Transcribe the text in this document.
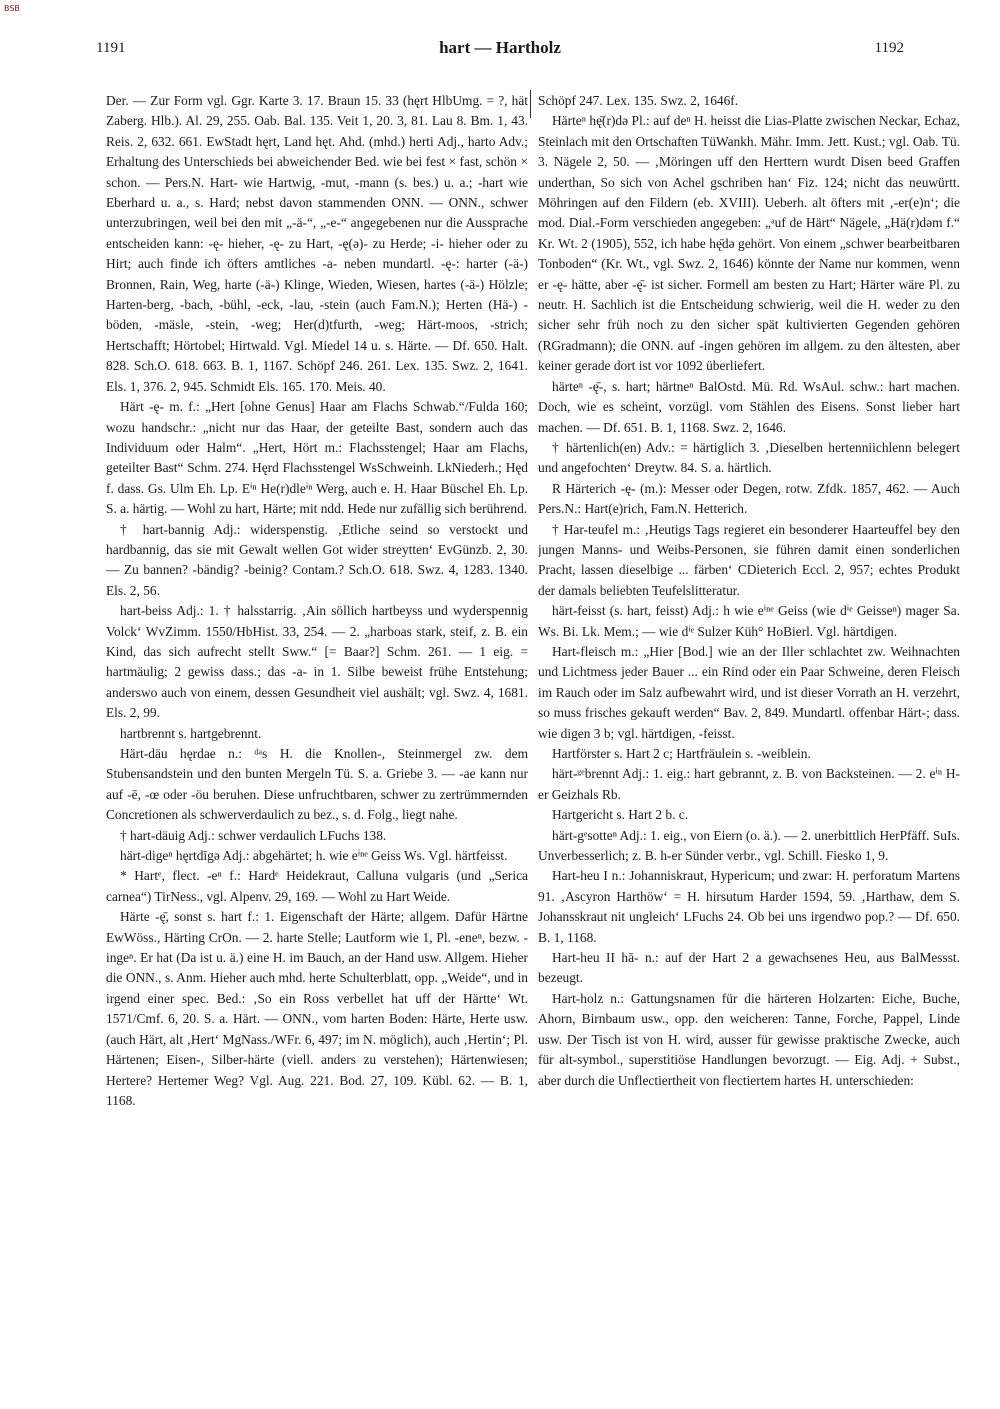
BSB
1191	hart — Hartholz	1192

Der. — Zur Form vgl. Ggr. Karte 3. 17. Braun 15. 33 (hęrt HlbUmg. = ?, hät Zaberg. Hlb.). Al. 29, 255. Oab. Bal. 135. Veit 1, 20. 3, 81. Lau 8. Bm. 1, 43. Reis. 2, 632. 661. EwStadt hęrt, Land hęt. Ahd. (mhd.) herti Adj., harto Adv.; Erhaltung des Unterschieds bei abweichender Bed. wie bei fest × fast, schön × schon. — Pers.N. Hart- wie Hartwig, -mut, -mann (s. bes.) u. a.; -hart wie Eberhard u. a., s. Hard; nebst davon stammenden ONN. — ONN., schwer unterzubringen, weil bei den mit „-ä-“, „-e-“ angegebenen nur die Aussprache entscheiden kann: -ę- hieher, -ę- zu Hart, -ę(ə)- zu Herde; -i- hieher oder zu Hirt; auch finde ich öfters amtliches -a- neben mundartl. -ę-: harter (-ä-) Bronnen, Rain, Weg, harte (-ä-) Klinge, Wieden, Wiesen, hartes (-ä-) Hölzle; Harten-berg, -bach, -bühl, -eck, -lau, -stein (auch Fam.N.); Herten (Hä-) -böden, -mäsle, -stein, -weg; Her(d)tfurth, -weg; Härt-moos, -strich; Hertschafft; Hörtobel; Hirtwald. Vgl. Miedel 14 u. s. Härte. — Df. 650. Halt. 828. Sch.O. 618. 663. B. 1, 1167. Schöpf 246. 261. Lex. 135. Swz. 2, 1641. Els. 1, 376. 2, 945. Schmidt Els. 165. 170. Meis. 40.

Härt -ę- m. f.: „Hert [ohne Genus] Haar am Flachs Schwab.“/Fulda 160; wozu handschr.: „nicht nur das Haar, der geteilte Bast, sondern auch das Individuum oder Halm“. „Hert, Hört m.: Flachsstengel; Haar am Flachs, geteilter Bast“ Schm. 274. Hęrd Flachsstengel WsSchweinh. LkNiederh.; Hęd f. dass. Gs. Ulm Eh. Lp. Eⁱⁿ He(r)dleⁱⁿ Werg, auch e. H. Haar Büschel Eh. Lp. S. a. härtig. — Wohl zu hart, Härte; mit ndd. Hede nur zufällig sich berührend.

† hart-bannig Adj.: widerspenstig. ‚Etliche seind so verstockt und hardbannig, das sie mit Gewalt wellen Got wider streytten‘ EvGünzb. 2, 30. — Zu bannen? -bändig? -beinig? Contam.? Sch.O. 618. Swz. 4, 1283. 1340. Els. 2, 56.

hart-beiss Adj.: 1. † halsstarrig. ‚Ain söllich hartbeyss und wyderspennig Volck‘ WvZimm. 1550/HbHist. 33, 254. — 2. „harboas stark, steif, z. B. ein Kind, das sich aufrecht stellt Sww.“ [= Baar?] Schm. 261. — 1 eig. = hartmäulig; 2 gewiss dass.; das -a- in 1. Silbe beweist frühe Entstehung; anderswo auch von einem, dessen Gesundheit viel aushält; vgl. Swz. 4, 1681. Els. 2, 99.

hartbrennt s. hartgebrennt.

Härt-däu hęrdae n.: ᵈᵃs H. die Knollen-, Steinmergel zw. dem Stubensandstein und den bunten Mergeln Tü. S. a. Griebe 3. — -ae kann nur auf -ē, -œ oder -öu beruhen. Diese unfruchtbaren, schwer zu zertrümmernden Concretionen als schwerverdaulich zu bez., s. d. Folg., liegt nahe.

† hart-däuig Adj.: schwer verdaulich LFuchs 138.

härt-digeⁿ hęrtdīgə Adj.: abgehärtet; h. wie eⁱⁿᵉ Geiss Ws. Vgl. härtfeisst.

* Hartᵉ, flect. -eⁿ f.: Hardᵉ Heidekraut, Calluna vulgaris (und „Serica carnea“) TirNess., vgl. Alpenv. 29, 169. — Wohl zu Hart Weide.

Härte -ę̄, sonst s. hart f.: 1. Eigenschaft der Härte; allgem. Dafür Härtne EwWöss., Härting CrOn. — 2. harte Stelle; Lautform wie 1, Pl. -eneⁿ, bezw. -ingeⁿ. Er hat (Da ist u. ä.) eine H. im Bauch, an der Hand usw. Allgem. Hieher die ONN., s. Anm. Hieher auch mhd. herte Schulterblatt, opp. „Weide“, und in irgend einer spec. Bed.: ‚So ein Ross verbellet hat uff der Härtte‘ Wt. 1571/Cmf. 6, 20. S. a. Härt. — ONN., vom harten Boden: Härte, Herte usw. (auch Härt, alt ‚Hert‘ MgNass./WFr. 6, 497; im N. möglich), auch ‚Hertin‘; Pl. Härtenen; Eisen-, Silber-härte (viell. anders zu verstehen); Härtenwiesen; Hertere? Hertemer Weg? Vgl. Aug. 221. Bod. 27, 109. Kübl. 62. — B. 1, 1168.

Schöpf 247. Lex. 135. Swz. 2, 1646f.

Härteⁿ hę̄(r)də Pl.: auf deⁿ H. heisst die Lias-Platte zwischen Neckar, Echaz, Steinlach mit den Ortschaften TüWankh. Mähr. Imm. Jett. Kust.; vgl. Oab. Tü. 3. Nägele 2, 50. — ‚Möringen uff den Herttern wurdt Disen beed Graffen underthan, So sich von Achel gschriben han‘ Fiz. 124; nicht das neuwürtt. Möhringen auf den Fildern (eb. XVIII). Ueberh. alt öfters mit ‚-er(e)n‘; die mod. Dial.-Form verschieden angegeben: „ᵃuf de Härt“ Nägele, „Hä(r)dəm f.“ Kr. Wt. 2 (1905), 552, ich habe hę̄də gehört. Von einem „schwer bearbeitbaren Tonboden“ (Kr. Wt., vgl. Swz. 2, 1646) könnte der Name nur kommen, wenn er -ę- hätte, aber -ę̄- ist sicher. Formell am besten zu Hart; Härter wäre Pl. zu neutr. H. Sachlich ist die Entscheidung schwierig, weil die H. weder zu den sicher sehr früh noch zu den sicher spät kultivierten Gegenden gehören (RGradmann); die ONN. auf -ingen gehören im allgem. zu den ältesten, aber keiner gerade dort ist vor 1092 überliefert.

härteⁿ -ę̄-, s. hart; härtneⁿ BalOstd. Mü. Rd. WsAul. schw.: hart machen. Doch, wie es scheint, vorzügl. vom Stählen des Eisens. Sonst lieber hart machen. — Df. 651. B. 1, 1168. Swz. 2, 1646.

† härtenlich(en) Adv.: = härtiglich 3. ‚Dieselben hertenniichlenn belegert und angefochten‘ Dreytw. 84. S. a. härtlich.

R Härterich -ę- (m.): Messer oder Degen, rotw. Zfdk. 1857, 462. — Auch Pers.N.: Hart(e)rich, Fam.N. Hetterich.

† Har-teufel m.: ‚Heutigs Tags regieret ein besonderer Haarteuffel bey den jungen Manns- und Weibs-Personen, sie führen damit einen sonderlichen Pracht, lassen dieselbige ... färben‘ CDieterich Eccl. 2, 957; echtes Produkt der damals beliebten Teufelslitteratur.

härt-feisst (s. hart, feisst) Adj.: h wie eⁱⁿᵉ Geiss (wie dⁱᵉ Geisseⁿ) mager Sa. Ws. Bi. Lk. Mem.; — wie dⁱᵉ Sulzer Küh° HoBierl. Vgl. härtdigen.

Hart-fleisch m.: „Hier [Bod.] wie an der Iller schlachtet zw. Weihnachten und Lichtmess jeder Bauer ... ein Rind oder ein Paar Schweine, deren Fleisch im Rauch oder im Salz aufbewahrt wird, und ist dieser Vorrath an H. verzehrt, so muss frisches gekauft werden“ Bav. 2, 849. Mundartl. offenbar Härt-; dass. wie digen 3 b; vgl. härtdigen, -feisst.

Hartförster s. Hart 2 c; Hartfräulein s. -weiblein.

härt-ᵍᵉbrennt Adj.: 1. eig.: hart gebrannt, z. B. von Backsteinen. — 2. eⁱⁿ H-er Geizhals Rb.

Hartgericht s. Hart 2 b. c.

härt-gᵉsotteⁿ Adj.: 1. eig., von Eiern (o. ä.). — 2. unerbittlich HerPfäff. SuIs. Unverbesserlich; z. B. h-er Sünder verbr., vgl. Schill. Fiesko 1, 9.

Hart-heu I n.: Johanniskraut, Hypericum; und zwar: H. perforatum Martens 91. ‚Ascyron Harthöw‘ = H. hirsutum Harder 1594, 59. ‚Harthaw, dem S. Johansskraut nit ungleich‘ LFuchs 24. Ob bei uns irgendwo pop.? — Df. 650. B. 1, 1168.

Hart-heu II hā- n.: auf der Hart 2 a gewachsenes Heu, aus BalMessst. bezeugt.

Hart-holz n.: Gattungsnamen für die härteren Holzarten: Eiche, Buche, Ahorn, Birnbaum usw., opp. den weicheren: Tanne, Forche, Pappel, Linde usw. Der Tisch ist von H. wird, ausser für gewisse praktische Zwecke, auch für alt-symbol., superstitiöse Handlungen bevorzugt. — Eig. Adj. + Subst., aber durch die Unflectiertheit von flectiertem hartes H. unterschieden:
